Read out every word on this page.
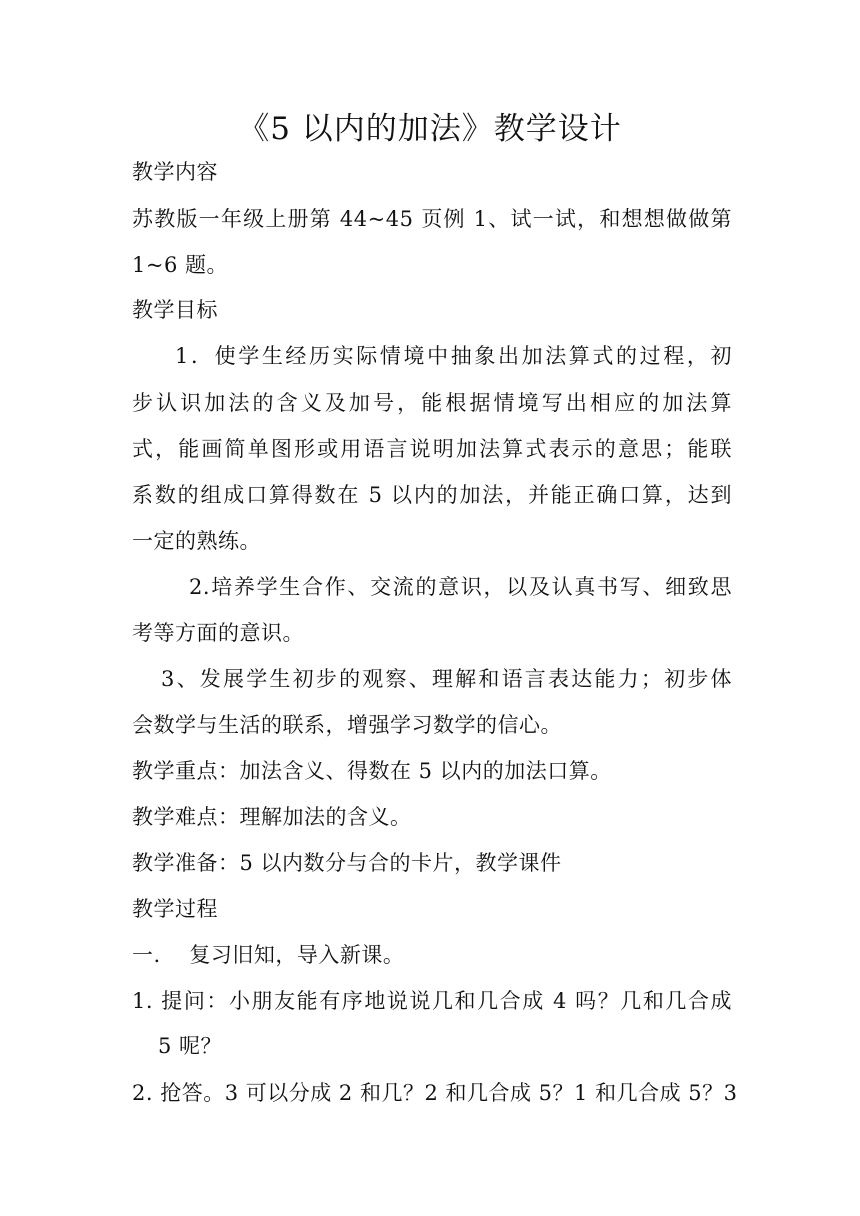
《5 以内的加法》教学设计
教学内容
苏教版一年级上册第 44~45 页例 1、试一试，和想想做做第
1~6 题。
教学目标
1．使学生经历实际情境中抽象出加法算式的过程，初
步认识加法的含义及加号，能根据情境写出相应的加法算
式，能画简单图形或用语言说明加法算式表示的意思；能联
系数的组成口算得数在 5 以内的加法，并能正确口算，达到
一定的熟练。
2.培养学生合作、交流的意识，以及认真书写、细致思
考等方面的意识。
3、发展学生初步的观察、理解和语言表达能力；初步体
会数学与生活的联系，增强学习数学的信心。
教学重点：加法含义、得数在 5 以内的加法口算。
教学难点：理解加法的含义。
教学准备：5 以内数分与合的卡片，教学课件
教学过程
一.　 复习旧知，导入新课。
1. 提问：小朋友能有序地说说几和几合成 4 吗？几和几合成
5 呢？
2. 抢答。3 可以分成 2 和几？2 和几合成 5？1 和几合成 5？3
